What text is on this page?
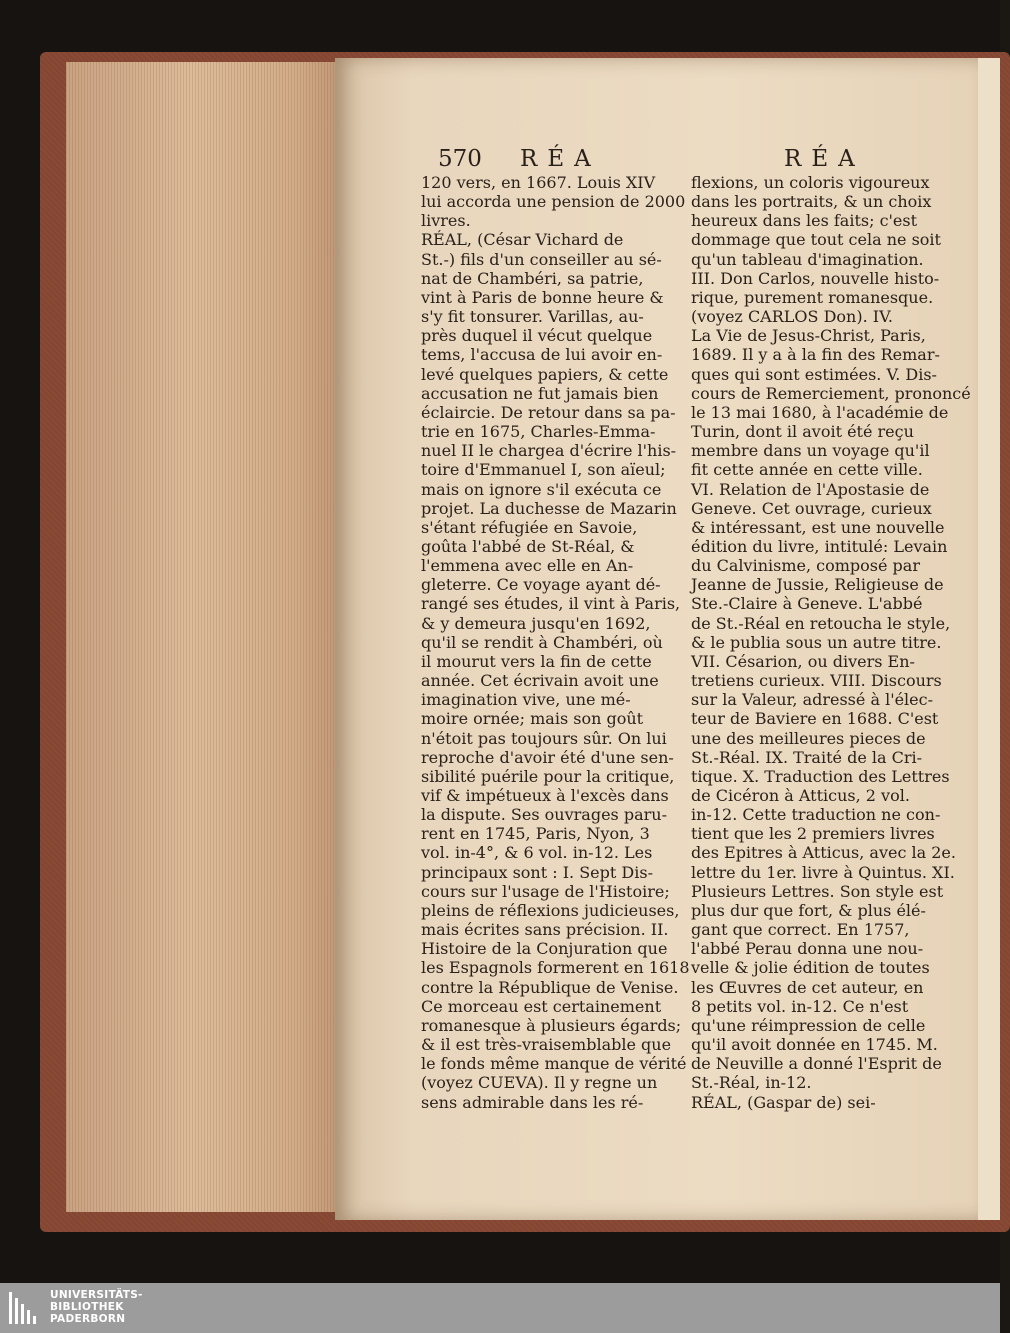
570 RÉA	RÉA
120 vers, en 1667. Louis XIV
lui accorda une pension de 2000
livres.
RÉAL, (César Vichard de
St.-) fils d'un conseiller au sé-
nat de Chambéri, sa patrie,
vint à Paris de bonne heure &
s'y fit tonsurer. Varillas, au-
près duquel il vécut quelque
tems, l'accusa de lui avoir en-
levé quelques papiers, & cette
accusation ne fut jamais bien
éclaircie. De retour dans sa pa-
trie en 1675, Charles-Emma-
nuel II le chargea d'écrire l'his-
toire d'Emmanuel I, son aïeul;
mais on ignore s'il exécuta ce
projet. La duchesse de Mazarin
s'étant réfugiée en Savoie,
goûta l'abbé de St-Réal, &
l'emmena avec elle en An-
gleterre. Ce voyage ayant dé-
rangé ses études, il vint à Paris,
& y demeura jusqu'en 1692,
qu'il se rendit à Chambéri, où
il mourut vers la fin de cette
année. Cet écrivain avoit une
imagination vive, une mé-
moire ornée; mais son goût
n'étoit pas toujours sûr. On lui
reproche d'avoir été d'une sen-
sibilité puérile pour la critique,
vif & impétueux à l'excès dans
la dispute. Ses ouvrages paru-
rent en 1745, Paris, Nyon, 3
vol. in-4°, & 6 vol. in-12. Les
principaux sont : I. Sept Dis-
cours sur l'usage de l'Histoire;
pleins de réflexions judicieuses,
mais écrites sans précision. II.
Histoire de la Conjuration que
les Espagnols formerent en 1618
contre la République de Venise.
Ce morceau est certainement
romanesque à plusieurs égards;
& il est très-vraisemblable que
le fonds même manque de vérité
(voyez CUEVA). Il y regne un
sens admirable dans les ré-
flexions, un coloris vigoureux
dans les portraits, & un choix
heureux dans les faits; c'est
dommage que tout cela ne soit
qu'un tableau d'imagination.
III. Don Carlos, nouvelle histo-
rique, purement romanesque.
(voyez CARLOS Don). IV.
La Vie de Jesus-Christ, Paris,
1689. Il y a à la fin des Remar-
ques qui sont estimées. V. Dis-
cours de Remerciement, prononcé
le 13 mai 1680, à l'académie de
Turin, dont il avoit été reçu
membre dans un voyage qu'il
fit cette année en cette ville.
VI. Relation de l'Apostasie de
Geneve. Cet ouvrage, curieux
& intéressant, est une nouvelle
édition du livre, intitulé: Levain
du Calvinisme, composé par
Jeanne de Jussie, Religieuse de
Ste.-Claire à Geneve. L'abbé
de St.-Réal en retoucha le style,
& le publia sous un autre titre.
VII. Césarion, ou divers En-
tretiens curieux. VIII. Discours
sur la Valeur, adressé à l'élec-
teur de Baviere en 1688. C'est
une des meilleures pieces de
St.-Réal. IX. Traité de la Cri-
tique. X. Traduction des Lettres
de Cicéron à Atticus, 2 vol.
in-12. Cette traduction ne con-
tient que les 2 premiers livres
des Epitres à Atticus, avec la 2e.
lettre du 1er. livre à Quintus. XI.
Plusieurs Lettres. Son style est
plus dur que fort, & plus élé-
gant que correct. En 1757,
l'abbé Perau donna une nou-
velle & jolie édition de toutes
les Œuvres de cet auteur, en
8 petits vol. in-12. Ce n'est
qu'une réimpression de celle
qu'il avoit donnée en 1745. M.
de Neuville a donné l'Esprit de
St.-Réal, in-12.
RÉAL, (Gaspar de) sei-
UNIVERSITÄTS-
BIBLIOTHEK
PADERBORN
